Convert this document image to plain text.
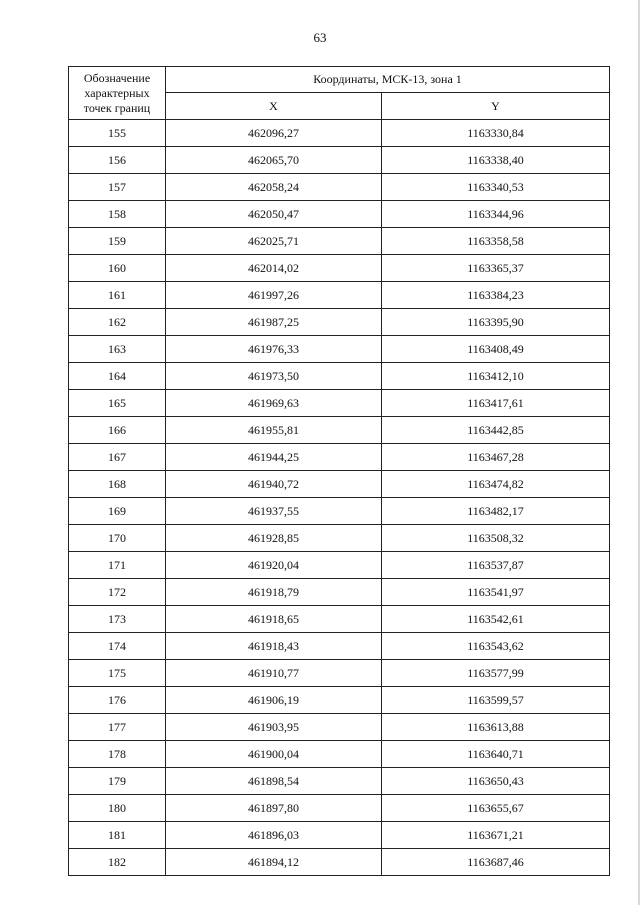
63
Обозначение
характерных
точек границ	Координаты, МСК-13, зона 1	
	X	Y
155	462096,27	1163330,84
156	462065,70	1163338,40
157	462058,24	1163340,53
158	462050,47	1163344,96
159	462025,71	1163358,58
160	462014,02	1163365,37
161	461997,26	1163384,23
162	461987,25	1163395,90
163	461976,33	1163408,49
164	461973,50	1163412,10
165	461969,63	1163417,61
166	461955,81	1163442,85
167	461944,25	1163467,28
168	461940,72	1163474,82
169	461937,55	1163482,17
170	461928,85	1163508,32
171	461920,04	1163537,87
172	461918,79	1163541,97
173	461918,65	1163542,61
174	461918,43	1163543,62
175	461910,77	1163577,99
176	461906,19	1163599,57
177	461903,95	1163613,88
178	461900,04	1163640,71
179	461898,54	1163650,43
180	461897,80	1163655,67
181	461896,03	1163671,21
182	461894,12	1163687,46
